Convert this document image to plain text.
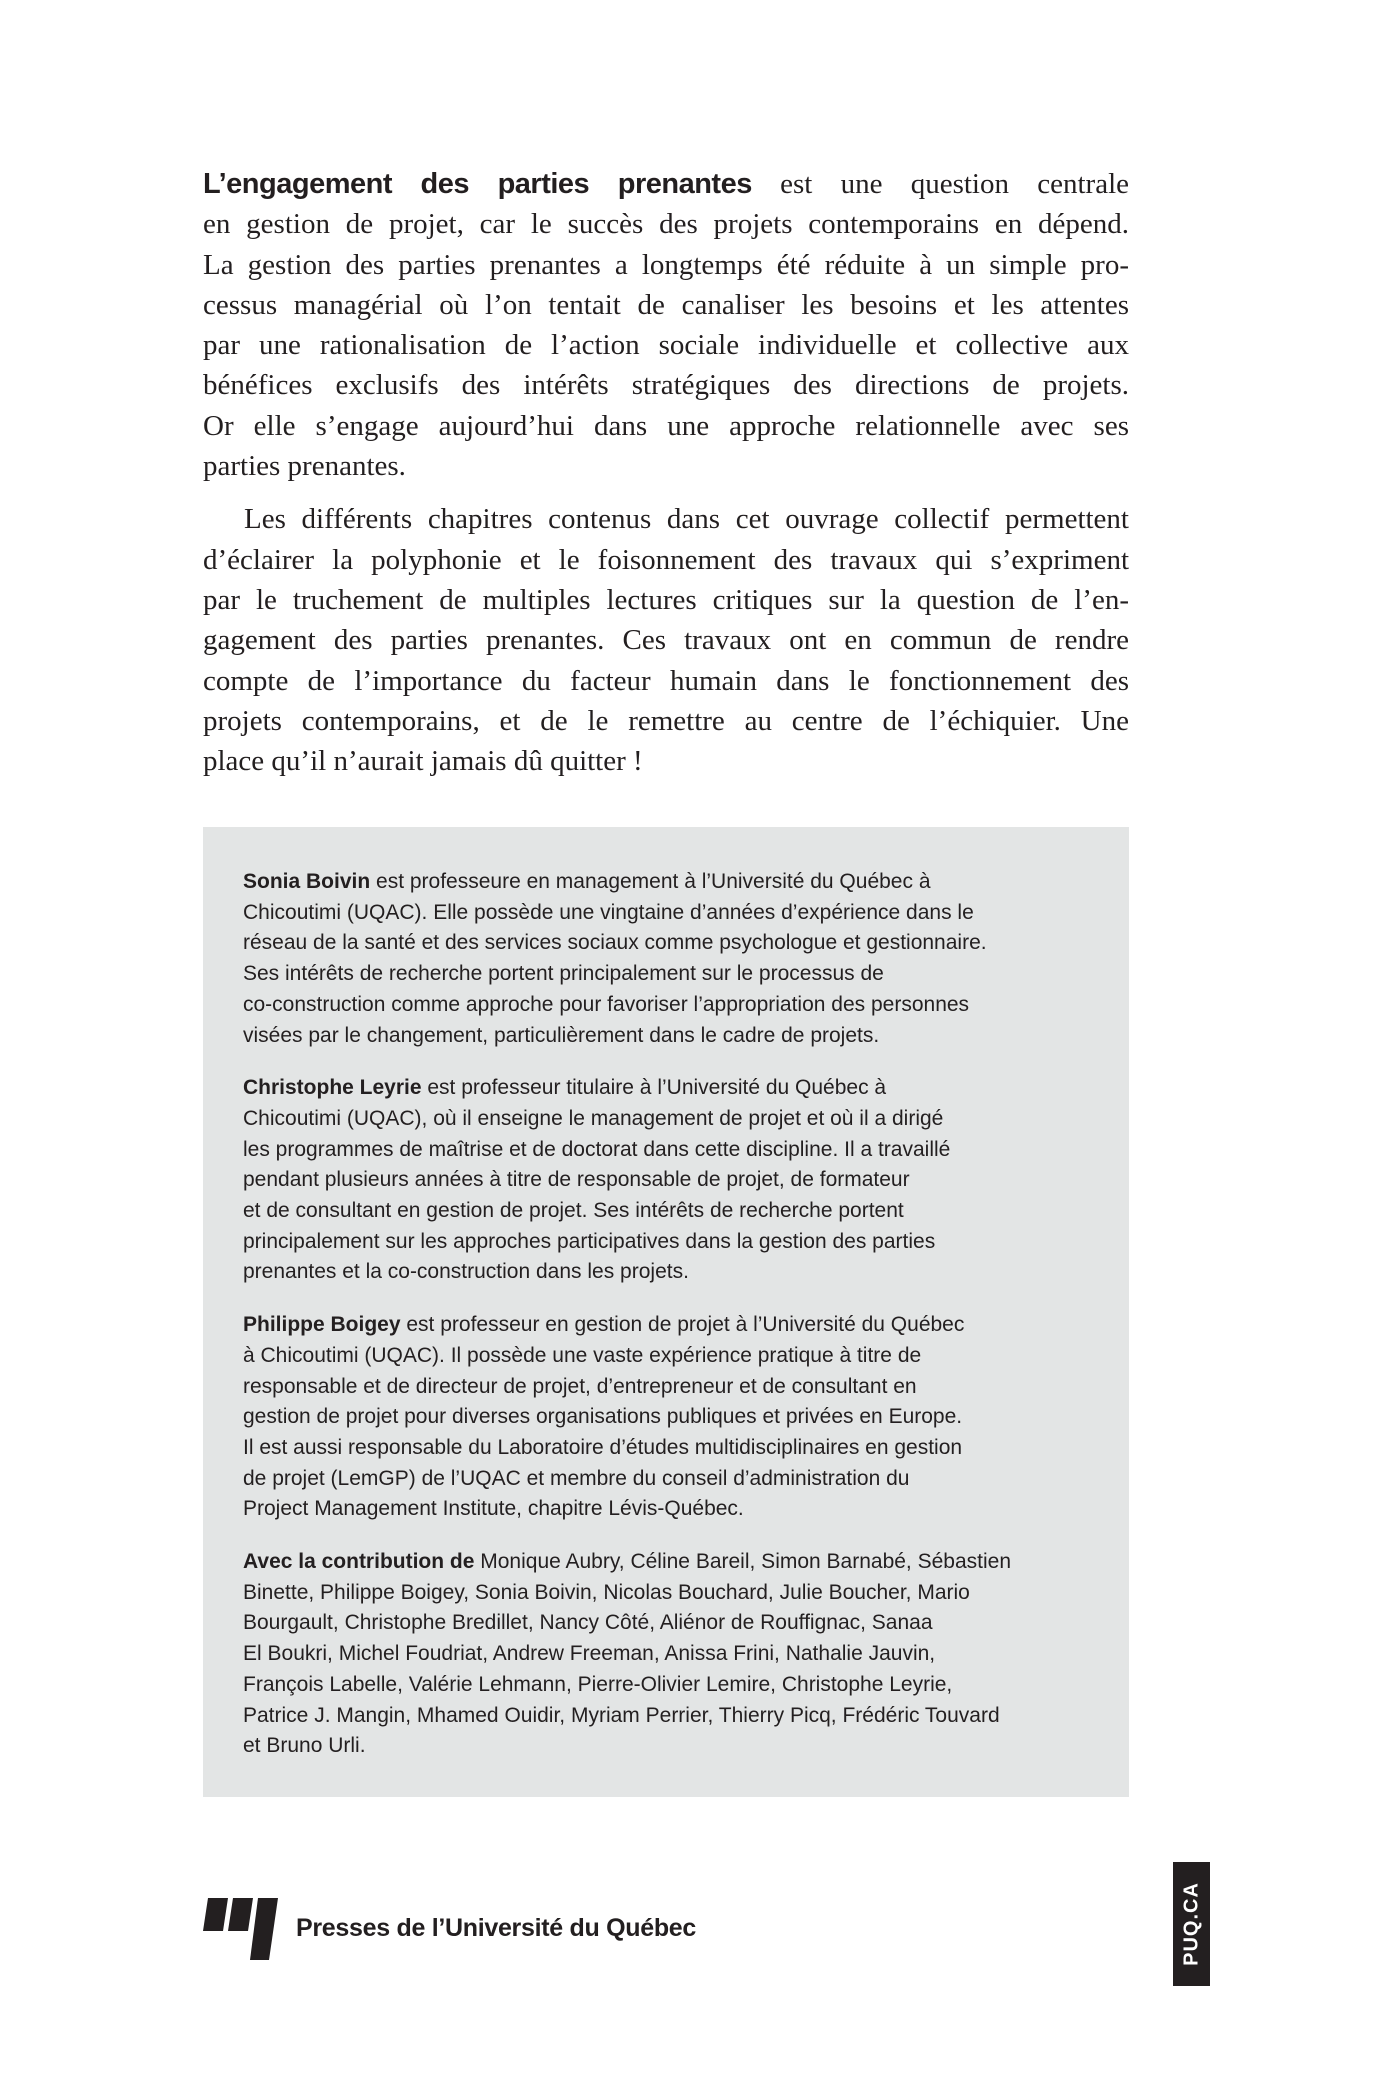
L’engagement des parties prenantes est une question centrale
en gestion de projet, car le succès des projets contemporains en dépend.
La gestion des parties prenantes a longtemps été réduite à un simple pro-
cessus managérial où l’on tentait de canaliser les besoins et les attentes
par une rationalisation de l’action sociale individuelle et collective aux
bénéfices exclusifs des intérêts stratégiques des directions de projets.
Or elle s’engage aujourd’hui dans une approche relationnelle avec ses
parties prenantes.
Les différents chapitres contenus dans cet ouvrage collectif permettent
d’éclairer la polyphonie et le foisonnement des travaux qui s’expriment
par le truchement de multiples lectures critiques sur la question de l’en-
gagement des parties prenantes. Ces travaux ont en commun de rendre
compte de l’importance du facteur humain dans le fonctionnement des
projets contemporains, et de le remettre au centre de l’échiquier. Une
place qu’il n’aurait jamais dû quitter !
Sonia Boivin est professeure en management à l’Université du Québec à
Chicoutimi (UQAC). Elle possède une vingtaine d’années d’expérience dans le
réseau de la santé et des services sociaux comme psychologue et gestionnaire.
Ses intérêts de recherche portent principalement sur le processus de
co-construction comme approche pour favoriser l’appropriation des personnes
visées par le changement, particulièrement dans le cadre de projets.
Christophe Leyrie est professeur titulaire à l’Université du Québec à
Chicoutimi (UQAC), où il enseigne le management de projet et où il a dirigé
les programmes de maîtrise et de doctorat dans cette discipline. Il a travaillé
pendant plusieurs années à titre de responsable de projet, de formateur
et de consultant en gestion de projet. Ses intérêts de recherche portent
principalement sur les approches participatives dans la gestion des parties
prenantes et la co-construction dans les projets.
Philippe Boigey est professeur en gestion de projet à l’Université du Québec
à Chicoutimi (UQAC). Il possède une vaste expérience pratique à titre de
responsable et de directeur de projet, d’entrepreneur et de consultant en
gestion de projet pour diverses organisations publiques et privées en Europe.
Il est aussi responsable du Laboratoire d’études multidisciplinaires en gestion
de projet (LemGP) de l’UQAC et membre du conseil d’administration du
Project Management Institute, chapitre Lévis-Québec.
Avec la contribution de Monique Aubry, Céline Bareil, Simon Barnabé, Sébastien
Binette, Philippe Boigey, Sonia Boivin, Nicolas Bouchard, Julie Boucher, Mario
Bourgault, Christophe Bredillet, Nancy Côté, Aliénor de Rouffignac, Sanaa
El Boukri, Michel Foudriat, Andrew Freeman, Anissa Frini, Nathalie Jauvin,
François Labelle, Valérie Lehmann, Pierre-Olivier Lemire, Christophe Leyrie,
Patrice J. Mangin, Mhamed Ouidir, Myriam Perrier, Thierry Picq, Frédéric Touvard
et Bruno Urli.
Presses de l’Université du Québec	PUQ.CA
